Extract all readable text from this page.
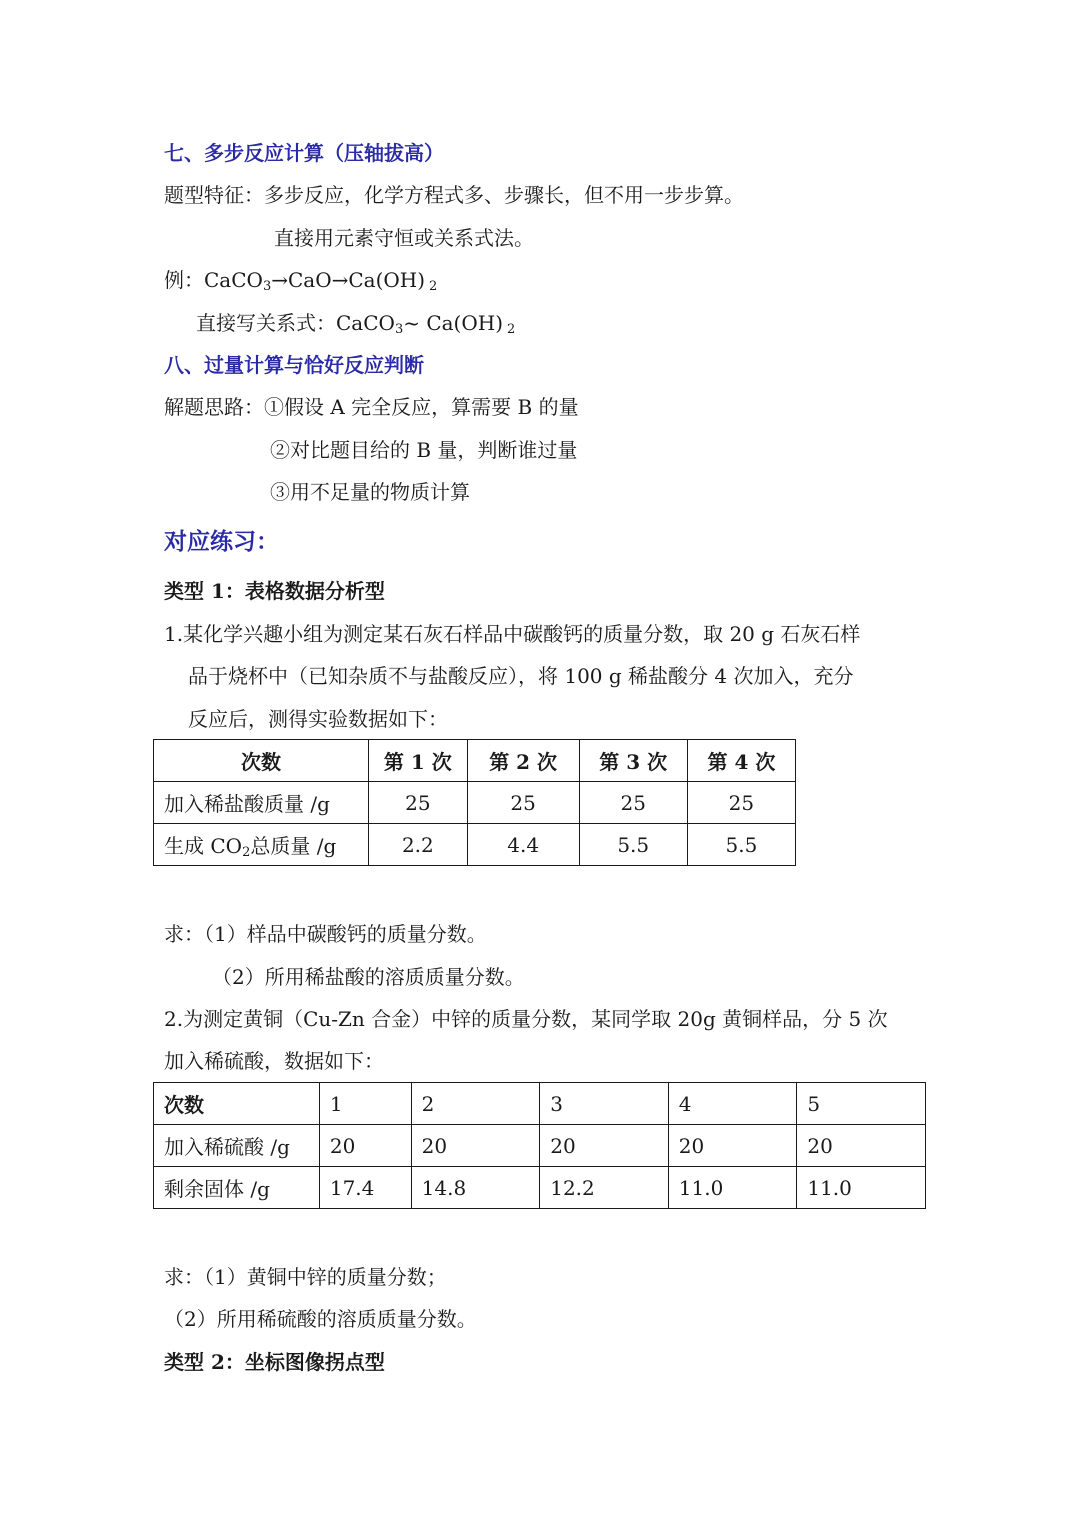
七、多步反应计算（压轴拔高）
题型特征：多步反应，化学方程式多、步骤长，但不用一步步算。
直接用元素守恒或关系式法。
例：CaCO$_3$→CaO→Ca(OH)  $_2$
直接写关系式：CaCO$_3$~ Ca(OH)  $_2$
八、过量计算与恰好反应判断
解题思路：①假设 A 完全反应，算需要 B 的量
②对比题目给的 B 量，判断谁过量
③用不足量的物质计算
对应练习：
类型 1：表格数据分析型
1.某化学兴趣小组为测定某石灰石样品中碳酸钙的质量分数，取 20 g 石灰石样
品于烧杯中（已知杂质不与盐酸反应），将 100 g 稀盐酸分 4 次加入，充分
反应后，测得实验数据如下：
次数	第 1 次	第 2 次	第 3 次	第 4 次
加入稀盐酸质量 /g	25	25	25	25
生成 $CO_2$总质量 /g	2.2	4.4	5.5	5.5
求：（1）样品中碳酸钙的质量分数。
（2）所用稀盐酸的溶质质量分数。
2.为测定黄铜（Cu-Zn 合金）中锌的质量分数，某同学取 20g 黄铜样品，分 5 次
加入稀硫酸，数据如下：
次数	1	2	3	4	5
加入稀硫酸 /g	20	20	20	20	20
剩余固体 /g	17.4	14.8	12.2	11.0	11.0
求：（1）黄铜中锌的质量分数；
（2）所用稀硫酸的溶质质量分数。
类型 2：坐标图像拐点型
